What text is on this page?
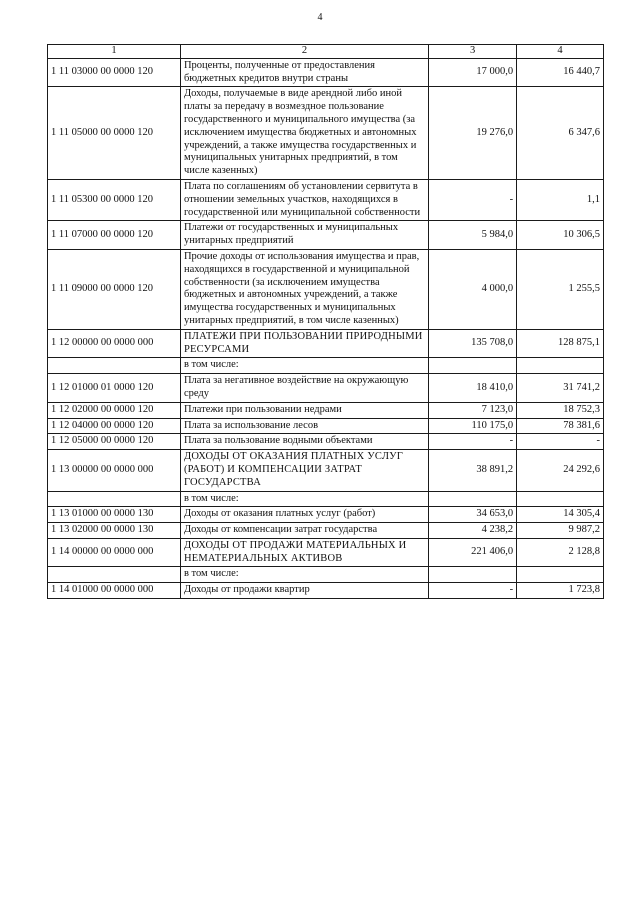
4
1	2	3	4
1 11 03000 00 0000 120	Проценты, полученные от предоставления бюджетных кредитов внутри страны	17 000,0	16 440,7
1 11 05000 00 0000 120	Доходы, получаемые в виде арендной либо иной платы за передачу в возмездное пользование государственного и муниципального имущества (за исключением имущества бюджетных и автономных учреждений, а также имущества государственных и муниципальных унитарных предприятий, в том числе казенных)	19 276,0	6 347,6
1 11 05300 00 0000 120	Плата по соглашениям об установлении сервитута в отношении земельных участков, находящихся в государственной или муниципальной собственности	-	1,1
1 11 07000 00 0000 120	Платежи от государственных и муниципальных унитарных предприятий	5 984,0	10 306,5
1 11 09000 00 0000 120	Прочие доходы от использования имущества и прав, находящихся в государственной и муниципальной собственности (за исключением имущества бюджетных и автономных учреждений, а также имущества государственных и муниципальных унитарных предприятий, в том числе казенных)	4 000,0	1 255,5
1 12 00000 00 0000 000	ПЛАТЕЖИ ПРИ ПОЛЬЗОВАНИИ ПРИРОДНЫМИ РЕСУРСАМИ	135 708,0	128 875,1
	в том числе:		
1 12 01000 01 0000 120	Плата за негативное воздействие на окружающую среду	18 410,0	31 741,2
1 12 02000 00 0000 120	Платежи при пользовании недрами	7 123,0	18 752,3
1 12 04000 00 0000 120	Плата за использование лесов	110 175,0	78 381,6
1 12 05000 00 0000 120	Плата за пользование водными объектами	-	-
1 13 00000 00 0000 000	ДОХОДЫ ОТ ОКАЗАНИЯ ПЛАТНЫХ УСЛУГ (РАБОТ) И КОМПЕНСАЦИИ ЗАТРАТ ГОСУДАРСТВА	38 891,2	24 292,6
	в том числе:		
1 13 01000 00 0000 130	Доходы от оказания платных услуг (работ)	34 653,0	14 305,4
1 13 02000 00 0000 130	Доходы от компенсации затрат государства	4 238,2	9 987,2
1 14 00000 00 0000 000	ДОХОДЫ ОТ ПРОДАЖИ МАТЕРИАЛЬНЫХ И НЕМАТЕРИАЛЬНЫХ АКТИВОВ	221 406,0	2 128,8
	в том числе:		
1 14 01000 00 0000 000	Доходы от продажи квартир	-	1 723,8
